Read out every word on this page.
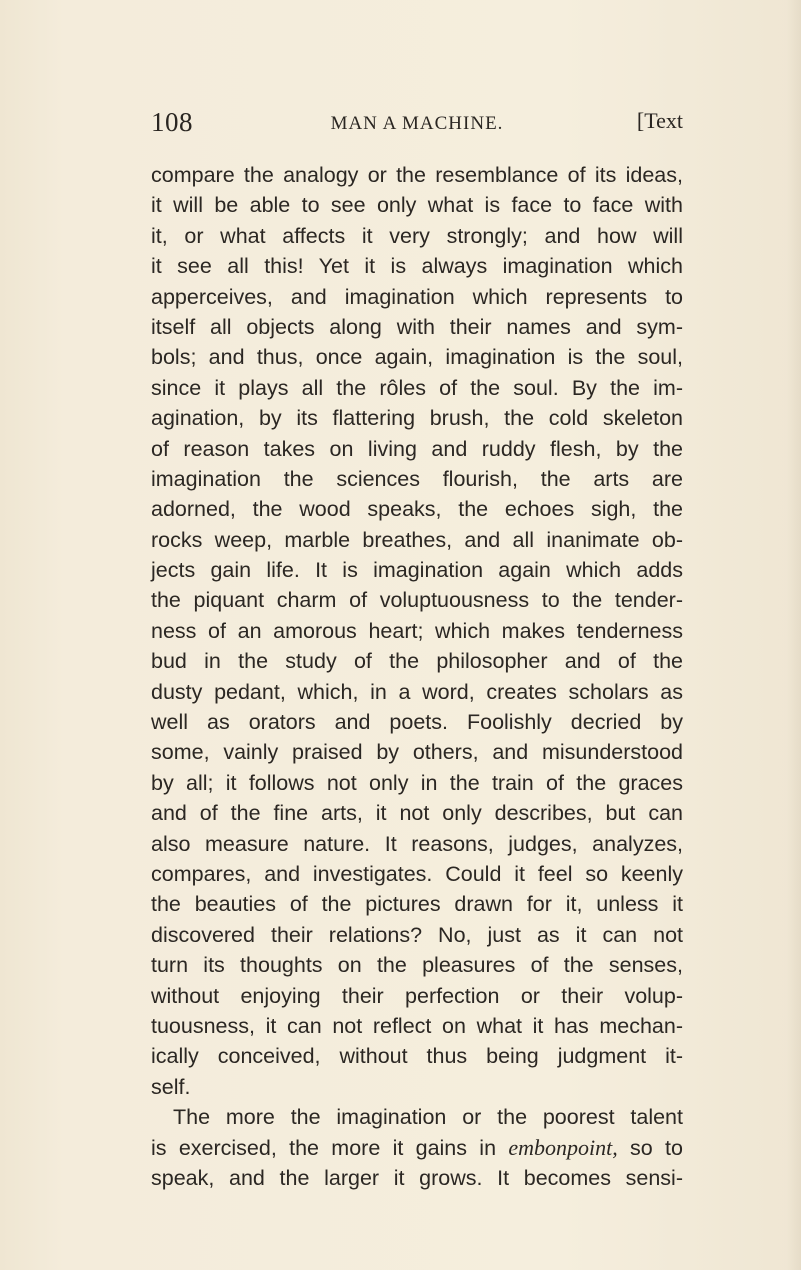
108	MAN A MACHINE.	[Text
compare the analogy or the resemblance of its ideas,
it will be able to see only what is face to face with
it, or what affects it very strongly; and how will
it see all this! Yet it is always imagination which
apperceives, and imagination which represents to
itself all objects along with their names and sym-
bols; and thus, once again, imagination is the soul,
since it plays all the rôles of the soul. By the im-
agination, by its flattering brush, the cold skeleton
of reason takes on living and ruddy flesh, by the
imagination the sciences flourish, the arts are
adorned, the wood speaks, the echoes sigh, the
rocks weep, marble breathes, and all inanimate ob-
jects gain life. It is imagination again which adds
the piquant charm of voluptuousness to the tender-
ness of an amorous heart; which makes tenderness
bud in the study of the philosopher and of the
dusty pedant, which, in a word, creates scholars as
well as orators and poets. Foolishly decried by
some, vainly praised by others, and misunderstood
by all; it follows not only in the train of the graces
and of the fine arts, it not only describes, but can
also measure nature. It reasons, judges, analyzes,
compares, and investigates. Could it feel so keenly
the beauties of the pictures drawn for it, unless it
discovered their relations? No, just as it can not
turn its thoughts on the pleasures of the senses,
without enjoying their perfection or their volup-
tuousness, it can not reflect on what it has mechan-
ically conceived, without thus being judgment it-
self.
The more the imagination or the poorest talent
is exercised, the more it gains in embonpoint, so to
speak, and the larger it grows. It becomes sensi-
